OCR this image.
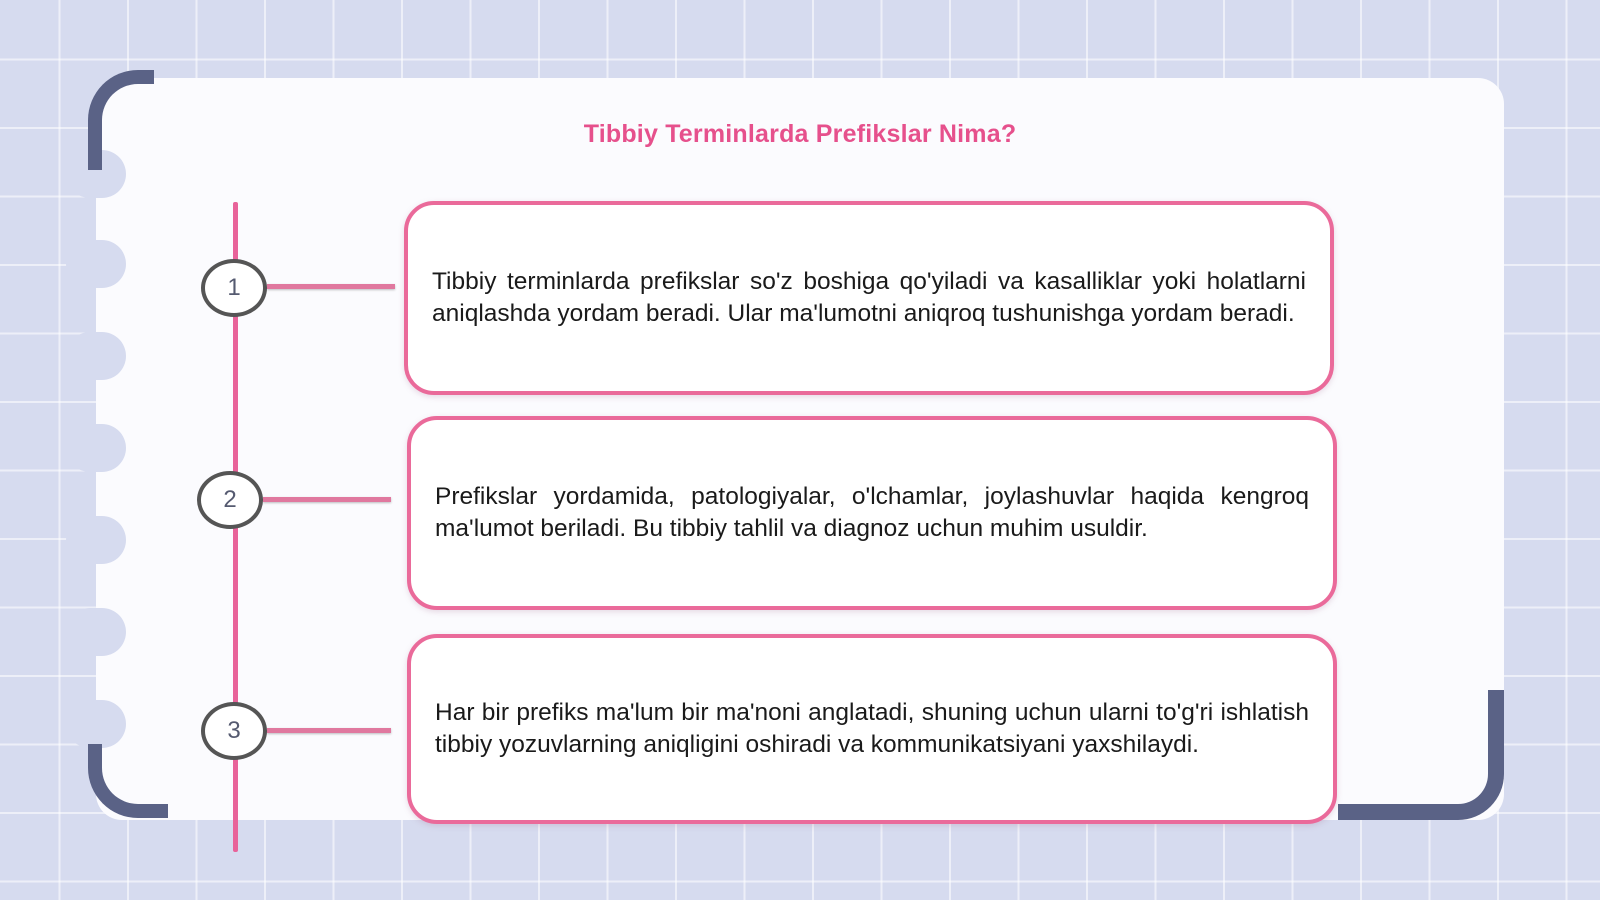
Tibbiy Terminlarda Prefikslar Nima?
1	Tibbiy terminlarda prefikslar so'z boshiga qo'yiladi va kasalliklar yoki holatlarni aniqlashda yordam beradi. Ular ma'lumotni aniqroq tushunishga yordam beradi.

2	Prefikslar yordamida, patologiyalar, o'lchamlar, joylashuvlar haqida kengroq ma'lumot beriladi. Bu tibbiy tahlil va diagnoz uchun muhim usuldir.

3

Har bir prefiks ma'lum bir ma'noni anglatadi, shuning uchun ularni to'g'ri ishlatish tibbiy yozuvlarning aniqligini oshiradi va kommunikatsiyani yaxshilaydi.
